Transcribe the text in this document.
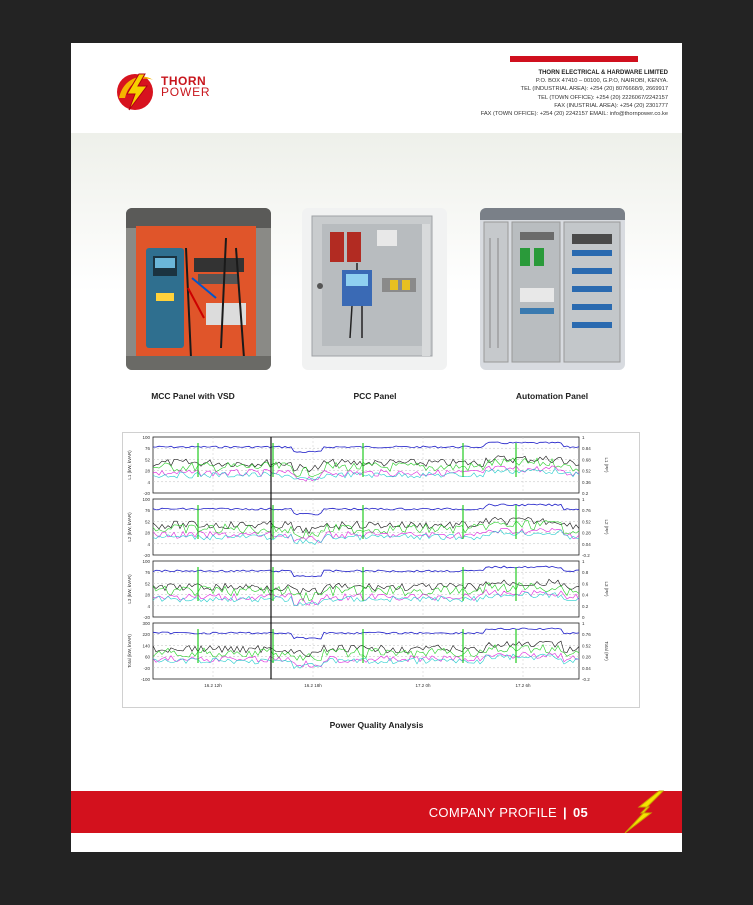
THORN
POWER
THORN ELECTRICAL & HARDWARE LIMITED
P.O. BOX 47410 – 00100, G.P.O, NAIROBI, KENYA.
TEL (INDUSTRIAL AREA): +254 (20) 8076668/9, 2669917
TEL (TOWN OFFICE): +254 (20) 2226067/2242157
FAX (INUSTRIAL AREA): +254 (20) 2301777
FAX (TOWN OFFICE): +254 (20) 2242157 EMAIL: info@thornpower.co.ke
MCC Panel with VSD	PCC Panel	Automation Panel
100
76
52
28
4
-20
1
0.84
0.68
0.52
0.36
0.2
L1 (kW, kVAR)	L1 (PF)
100
76
52
28
4
-20
1
0.76
0.52
0.28
0.04
-0.2
L2 (kW, kVAR)	L2 (PF)
100
76
52
28
4
-20
1
0.8
0.6
0.4
0.2
0
L3 (kW, kVAR)	L3 (PF)
300
220
140
60
-20
-100
1
0.76
0.52
0.28
0.04
-0.2
Total (kW, kVAR)	Total (PF)
16.2 12h	16.2 18h	17.2 0h	17.2 6h
Power Quality Analysis
COMPANY PROFILE | 05
